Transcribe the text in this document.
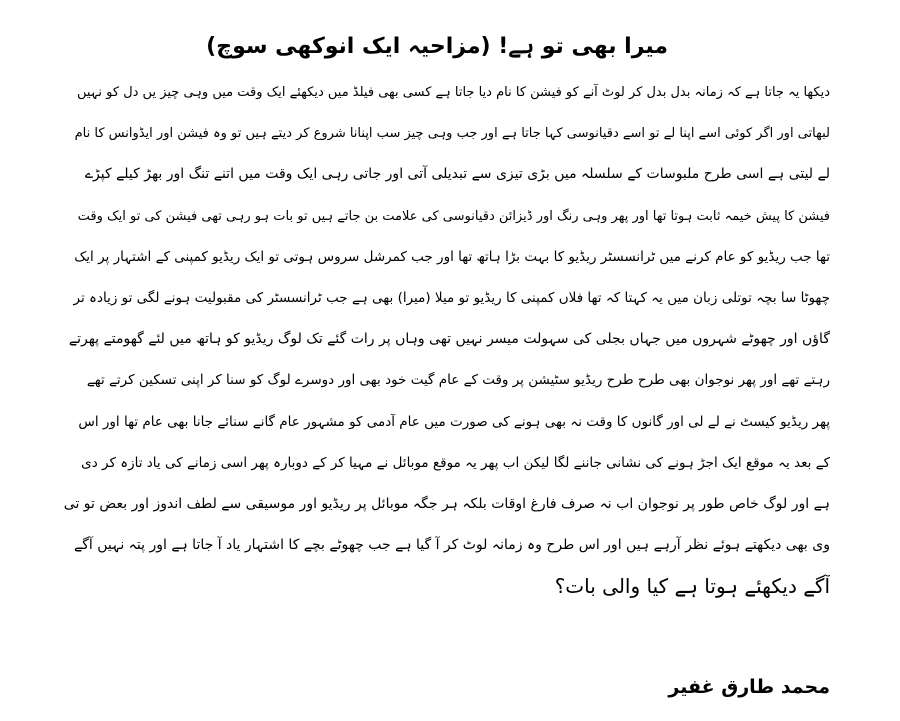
میرا بھی تو ہے! (مزاحیہ ایک انوکھی سوچ)
دیکھا یہ جاتا ہے کہ زمانہ بدل بدل کر لوٹ آنے کو فیشن کا نام دیا جاتا ہے کسی بھی فیلڈ میں دیکھئے ایک وقت میں وہی چیز یں دل کو نہیں
لبھاتی اور اگر کوئی اسے اپنا لے تو اسے دقیانوسی کہا جاتا ہے اور جب وہی چیز سب اپنانا شروع کر دیتے ہیں تو وہ فیشن اور ایڈوانس کا نام
لے لیتی ہے اسی طرح ملبوسات کے سلسلہ میں بڑی تیزی سے تبدیلی آتی اور جاتی رہی ایک وقت میں اتنے تنگ اور بھڑ کیلے کپڑے
فیشن کا پیش خیمہ ثابت ہوتا تھا اور پھر وہی رنگ اور ڈیزائن دقیانوسی کی علامت بن جاتے ہیں تو بات ہو رہی تھی فیشن کی تو ایک وقت
تھا جب ریڈیو کو عام کرنے میں ٹرانسسٹر ریڈیو کا بہت بڑا ہاتھ تھا اور جب کمرشل سروس ہوتی تو ایک ریڈیو کمپنی کے اشتہار پر ایک
چھوٹا سا بچہ توتلی زبان میں یہ کہتا کہ تھا فلاں کمپنی کا ریڈیو تو میلا (میرا) بھی ہے جب ٹرانسسٹر کی مقبولیت ہونے لگی تو زیادہ تر
گاؤں اور چھوٹے شہروں میں جہاں بجلی کی سہولت میسر نہیں تھی وہاں پر رات گئے تک لوگ ریڈیو کو ہاتھ میں لئے گھومتے پھرتے
رہتے تھے اور پھر نوجوان بھی طرح طرح ریڈیو سٹیشن پر وقت کے عام گیت خود بھی اور دوسرے لوگ کو سنا کر اپنی تسکین کرتے تھے
پھر ریڈیو کیسٹ نے لے لی اور گانوں کا وقت نہ بھی ہونے کی صورت میں عام آدمی کو مشہور عام گانے سنائے جانا بھی عام تھا اور اس
کے بعد یہ موقع ایک اجڑ ہونے کی نشانی جاننے لگا لیکن اب پھر یہ موقع موبائل نے مہیا کر کے دوبارہ پھر اسی زمانے کی یاد تازہ کر دی
ہے اور لوگ خاص طور پر نوجوان اب نہ صرف فارغ اوقات بلکہ ہر جگہ موبائل پر ریڈیو اور موسیقی سے لطف اندوز اور بعض تو تی
وی بھی دیکھتے ہوئے نظر آرہے ہیں اور اس طرح وہ زمانہ لوٹ کر آ گیا ہے جب چھوٹے بچے کا اشتہار یاد آ جاتا ہے اور پتہ نہیں آگے
آگے دیکھئے ہوتا ہے کیا والی بات؟
محمد طارق غفیر
